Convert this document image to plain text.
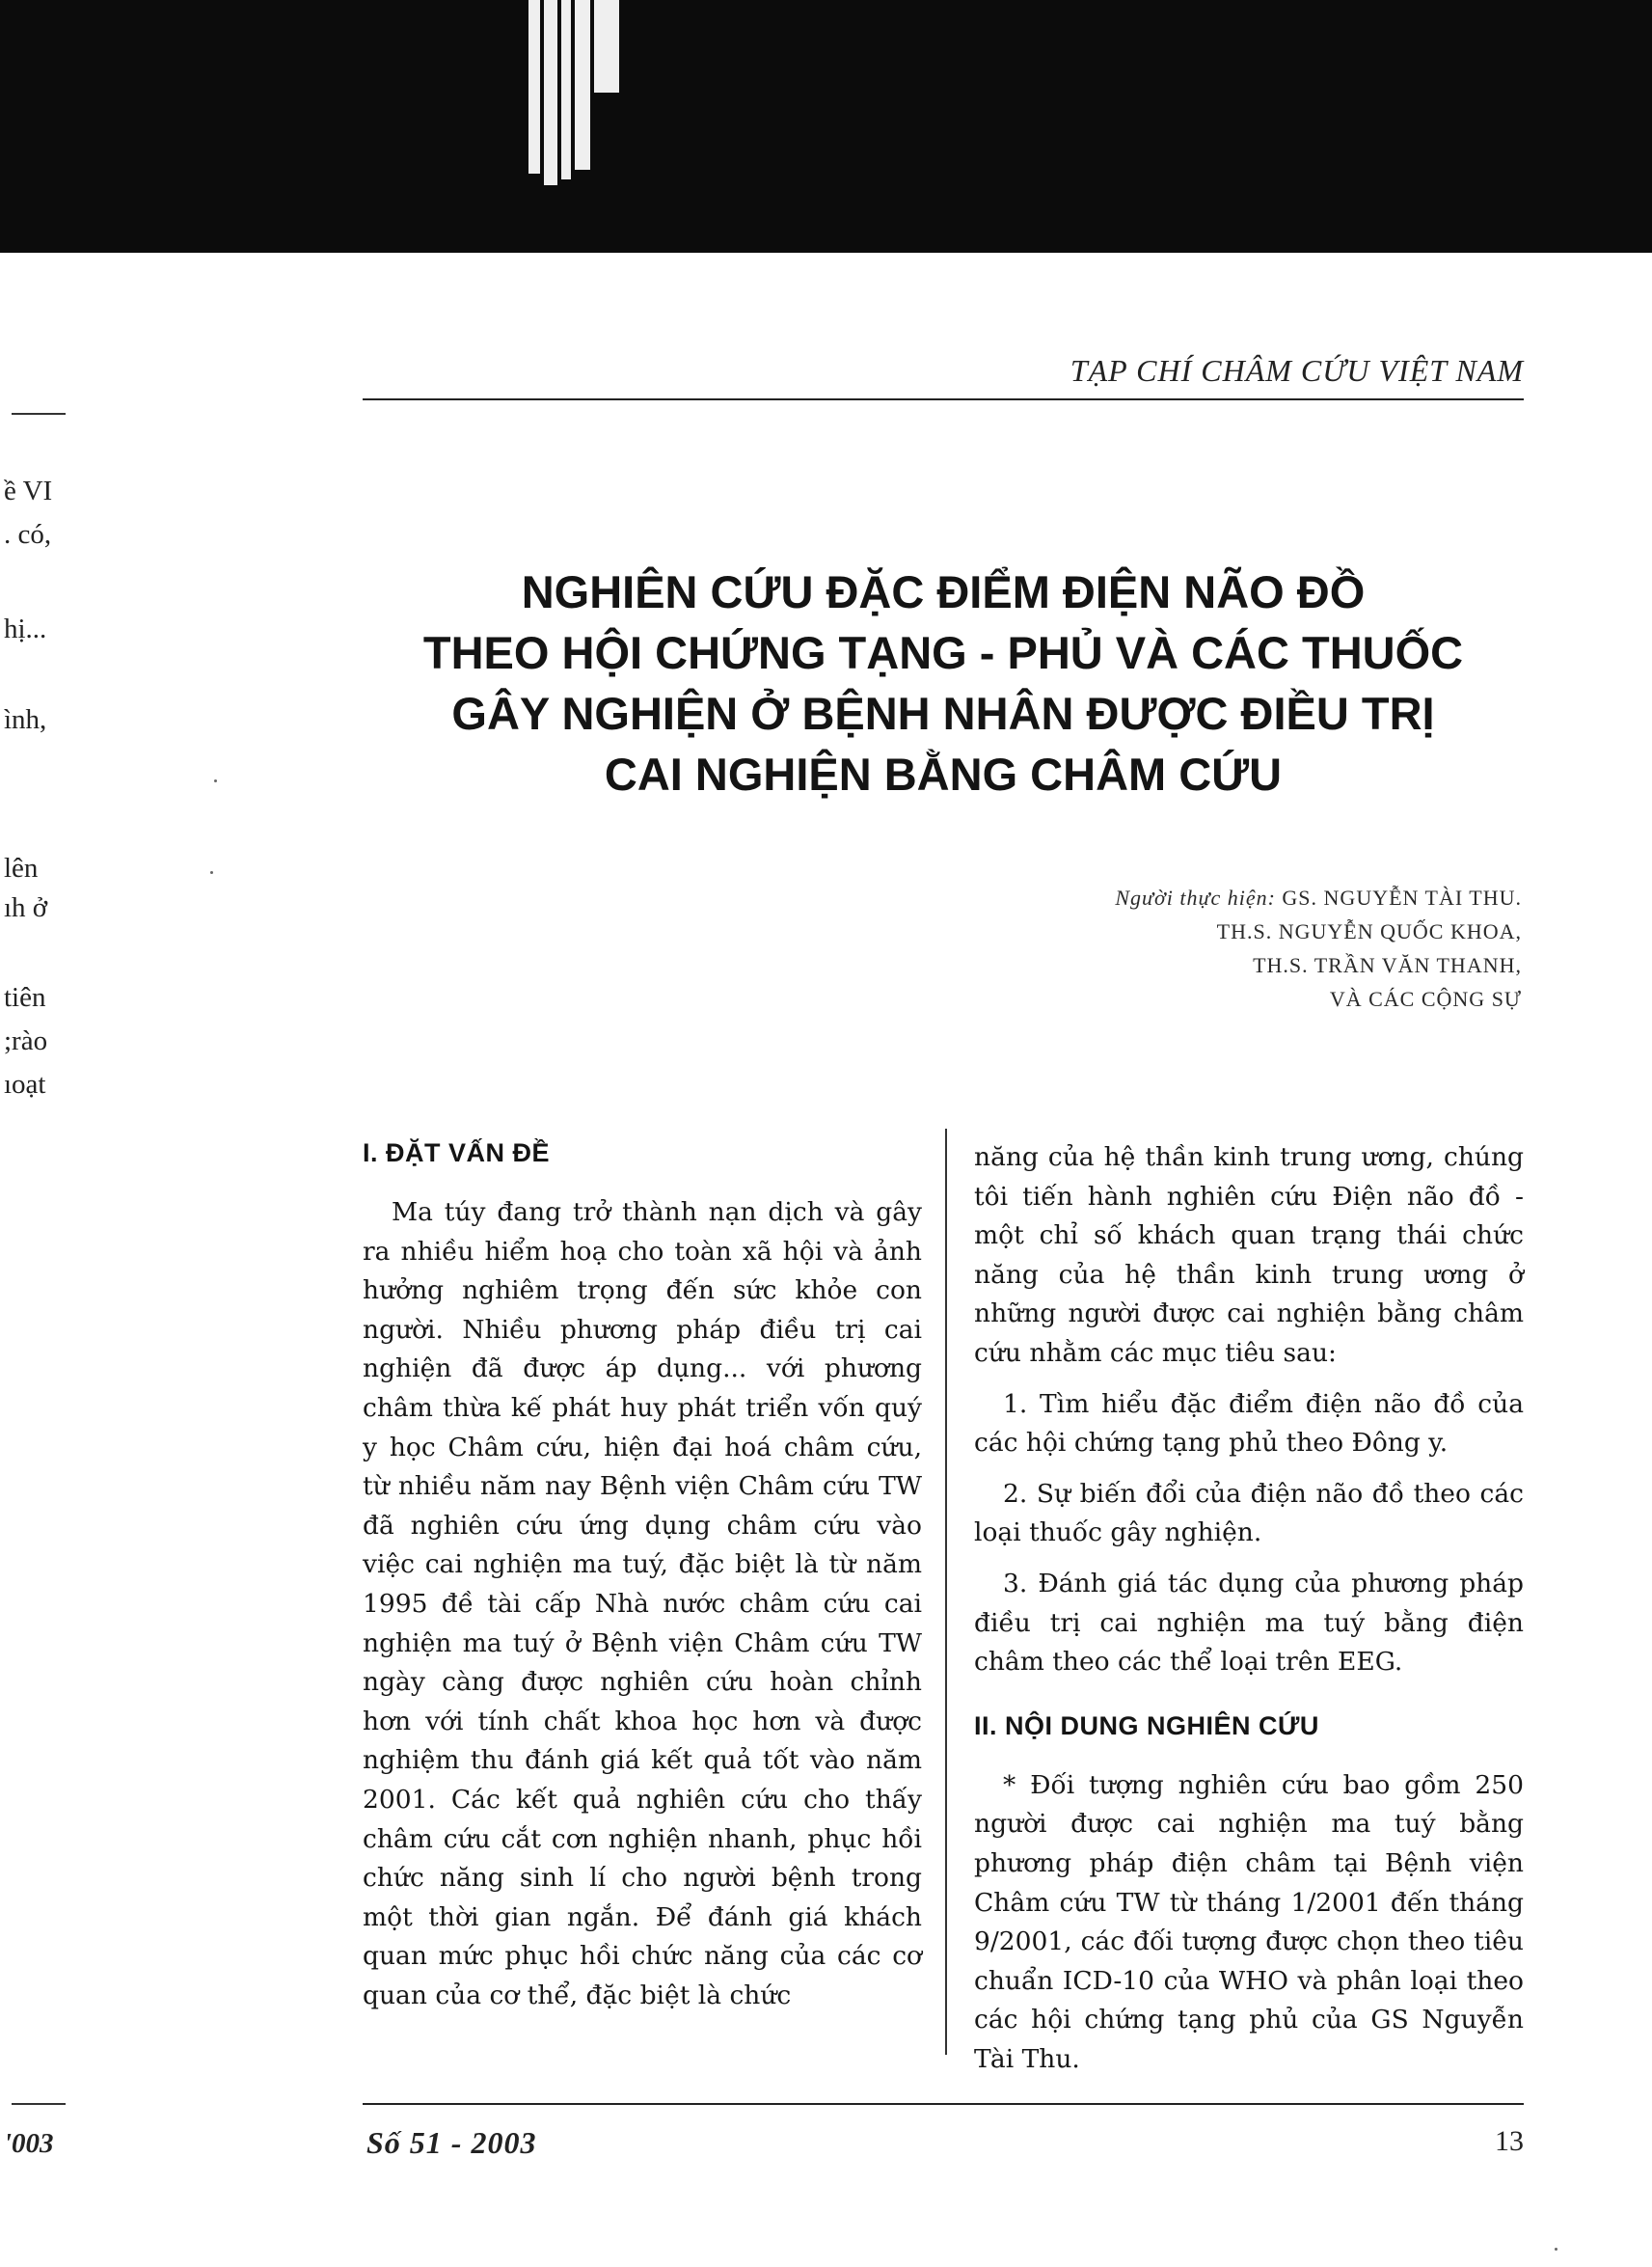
TẠP CHÍ CHÂM CỨU VIỆT NAM
ề VI
. có,
hị...
ình,
lên
ıh ở
tiên
;rào
ıoạt
'003
NGHIÊN CỨU ĐẶC ĐIỂM ĐIỆN NÃO ĐỒ
THEO HỘI CHỨNG TẠNG - PHỦ VÀ CÁC THUỐC
GÂY NGHIỆN Ở BỆNH NHÂN ĐƯỢC ĐIỀU TRỊ
CAI NGHIỆN BẰNG CHÂM CỨU
Người thực hiện: GS. NGUYỄN TÀI THU.
TH.S. NGUYỄN QUỐC KHOA,
TH.S. TRẦN VĂN THANH,
VÀ CÁC CỘNG SỰ
I. ĐẶT VẤN ĐỀ

Ma túy đang trở thành nạn dịch và gây ra nhiều hiểm hoạ cho toàn xã hội và ảnh hưởng nghiêm trọng đến sức khỏe con người. Nhiều phương pháp điều trị cai nghiện đã được áp dụng... với phương châm thừa kế phát huy phát triển vốn quý y học Châm cứu, hiện đại hoá châm cứu, từ nhiều năm nay Bệnh viện Châm cứu TW đã nghiên cứu ứng dụng châm cứu vào việc cai nghiện ma tuý, đặc biệt là từ năm 1995 đề tài cấp Nhà nước châm cứu cai nghiện ma tuý ở Bệnh viện Châm cứu TW ngày càng được nghiên cứu hoàn chỉnh hơn với tính chất khoa học hơn và được nghiệm thu đánh giá kết quả tốt vào năm 2001. Các kết quả nghiên cứu cho thấy châm cứu cắt cơn nghiện nhanh, phục hồi chức năng sinh lí cho người bệnh trong một thời gian ngắn. Để đánh giá khách quan mức phục hồi chức năng của các cơ quan của cơ thể, đặc biệt là chức

năng của hệ thần kinh trung ương, chúng tôi tiến hành nghiên cứu Điện não đồ - một chỉ số khách quan trạng thái chức năng của hệ thần kinh trung ương ở những người được cai nghiện bằng châm cứu nhằm các mục tiêu sau:

1. Tìm hiểu đặc điểm điện não đồ của các hội chứng tạng phủ theo Đông y.

2. Sự biến đổi của điện não đồ theo các loại thuốc gây nghiện.

3. Đánh giá tác dụng của phương pháp điều trị cai nghiện ma tuý bằng điện châm theo các thể loại trên EEG.

II. NỘI DUNG NGHIÊN CỨU

* Đối tượng nghiên cứu bao gồm 250 người được cai nghiện ma tuý bằng phương pháp điện châm tại Bệnh viện Châm cứu TW từ tháng 1/2001 đến tháng 9/2001, các đối tượng được chọn theo tiêu chuẩn ICD-10 của WHO và phân loại theo các hội chứng tạng phủ của GS Nguyễn Tài Thu.

Số 51 - 2003	13
